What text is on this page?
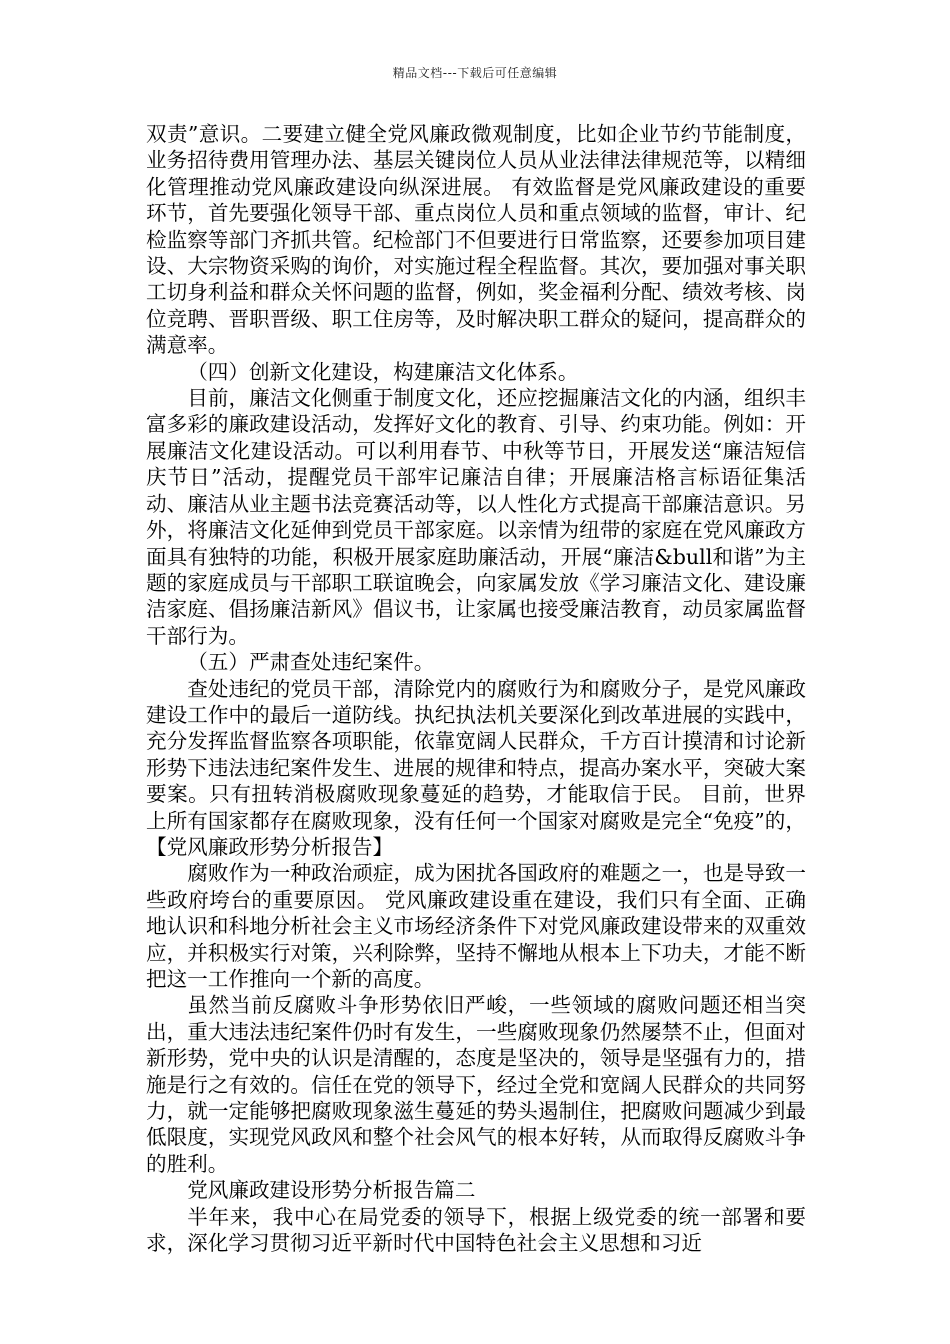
精品文档---下载后可任意编辑

双责”意识。二要建立健全党风廉政微观制度，比如企业节约节能制度，业务招待费用管理办法、基层关键岗位人员从业法律法律规范等，以精细化管理推动党风廉政建设向纵深进展。 有效监督是党风廉政建设的重要环节，首先要强化领导干部、重点岗位人员和重点领域的监督，审计、纪检监察等部门齐抓共管。纪检部门不但要进行日常监察，还要参加项目建设、大宗物资采购的询价，对实施过程全程监督。其次，要加强对事关职工切身利益和群众关怀问题的监督，例如，奖金福利分配、绩效考核、岗位竞聘、晋职晋级、职工住房等，及时解决职工群众的疑问，提高群众的满意率。

（四）创新文化建设，构建廉洁文化体系。

目前，廉洁文化侧重于制度文化，还应挖掘廉洁文化的内涵，组织丰富多彩的廉政建设活动，发挥好文化的教育、引导、约束功能。例如：开展廉洁文化建设活动。可以利用春节、中秋等节日，开展发送“廉洁短信庆节日”活动，提醒党员干部牢记廉洁自律；开展廉洁格言标语征集活动、廉洁从业主题书法竞赛活动等，以人性化方式提高干部廉洁意识。另外，将廉洁文化延伸到党员干部家庭。以亲情为纽带的家庭在党风廉政方面具有独特的功能，积极开展家庭助廉活动，开展“廉洁&bull和谐”为主题的家庭成员与干部职工联谊晚会，向家属发放《学习廉洁文化、建设廉洁家庭、倡扬廉洁新风》倡议书，让家属也接受廉洁教育，动员家属监督干部行为。

（五）严肃查处违纪案件。

查处违纪的党员干部，清除党内的腐败行为和腐败分子，是党风廉政建设工作中的最后一道防线。执纪执法机关要深化到改革进展的实践中，充分发挥监督监察各项职能，依靠宽阔人民群众，千方百计摸清和讨论新形势下违法违纪案件发生、进展的规律和特点，提高办案水平，突破大案要案。只有扭转消极腐败现象蔓延的趋势，才能取信于民。 目前，世界上所有国家都存在腐败现象，没有任何一个国家对腐败是完全“免疫”的，【党风廉政形势分析报告】

腐败作为一种政治顽症，成为困扰各国政府的难题之一，也是导致一些政府垮台的重要原因。 党风廉政建设重在建设，我们只有全面、正确地认识和科地分析社会主义市场经济条件下对党风廉政建设带来的双重效应，并积极实行对策，兴利除弊，坚持不懈地从根本上下功夫，才能不断把这一工作推向一个新的高度。

虽然当前反腐败斗争形势依旧严峻，一些领域的腐败问题还相当突出，重大违法违纪案件仍时有发生，一些腐败现象仍然屡禁不止，但面对新形势，党中央的认识是清醒的，态度是坚决的，领导是坚强有力的，措施是行之有效的。信任在党的领导下，经过全党和宽阔人民群众的共同努力，就一定能够把腐败现象滋生蔓延的势头遏制住，把腐败问题减少到最低限度，实现党风政风和整个社会风气的根本好转，从而取得反腐败斗争的胜利。

党风廉政建设形势分析报告篇二

半年来，我中心在局党委的领导下，根据上级党委的统一部署和要求，深化学习贯彻习近平新时代中国特色社会主义思想和习近
